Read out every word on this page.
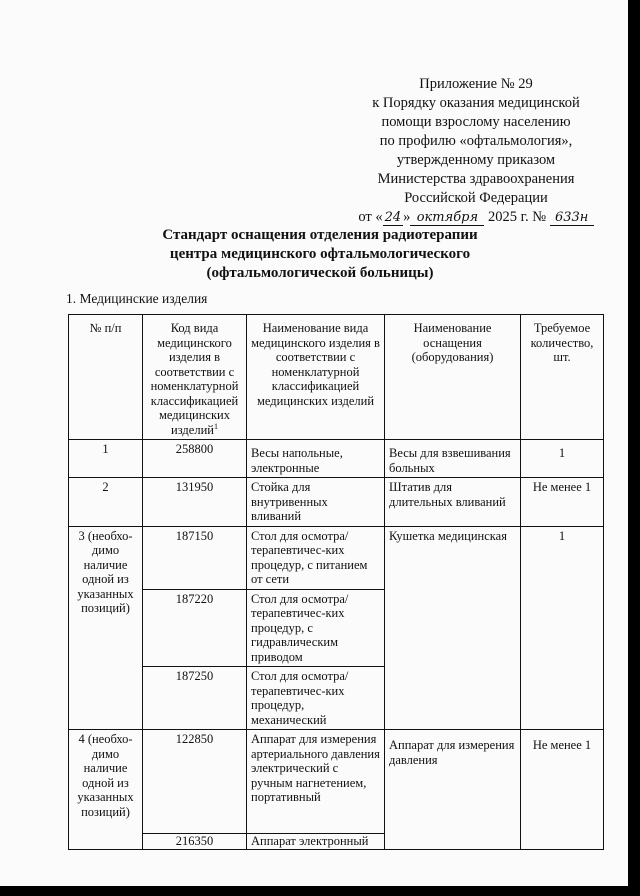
Приложение № 29
к Порядку оказания медицинской
помощи взрослому населению
по профилю «офтальмология»,
утвержденному приказом
Министерства здравоохранения
Российской Федерации
от « 24 » октября 2025 г. № 633н
Стандарт оснащения отделения радиотерапии
центра медицинского офтальмологического
(офтальмологической больницы)
1. Медицинские изделия
№ п/п	Код вида медицинского изделия в соответствии с номенклатурной классификацией медицинских изделий$^1$	Наименование вида медицинского изделия в соответствии с номенклатурной классификацией медицинских изделий	Наименование оснащения (оборудования)	Требуемое количество, шт.
1	258800	Весы напольные, электронные	Весы для взвешивания больных	1
2	131950	Стойка для внутривенных вливаний	Штатив для длительных вливаний	Не менее 1
3 (необхо-димо наличие одной из указанных позиций)	187150	Стол для осмотра/терапевтичес-ких процедур, с питанием от сети	Кушетка медицинская	1
	187220	Стол для осмотра/терапевтичес-ких процедур, с гидравлическим приводом		
	187250	Стол для осмотра/терапевтичес-ких процедур, механический		
4 (необхо-димо наличие одной из указанных позиций)	122850	Аппарат для измерения артериального давления электрический с ручным нагнетением, портативный	Аппарат для измерения давления	Не менее 1
	216350	Аппарат электронный		
